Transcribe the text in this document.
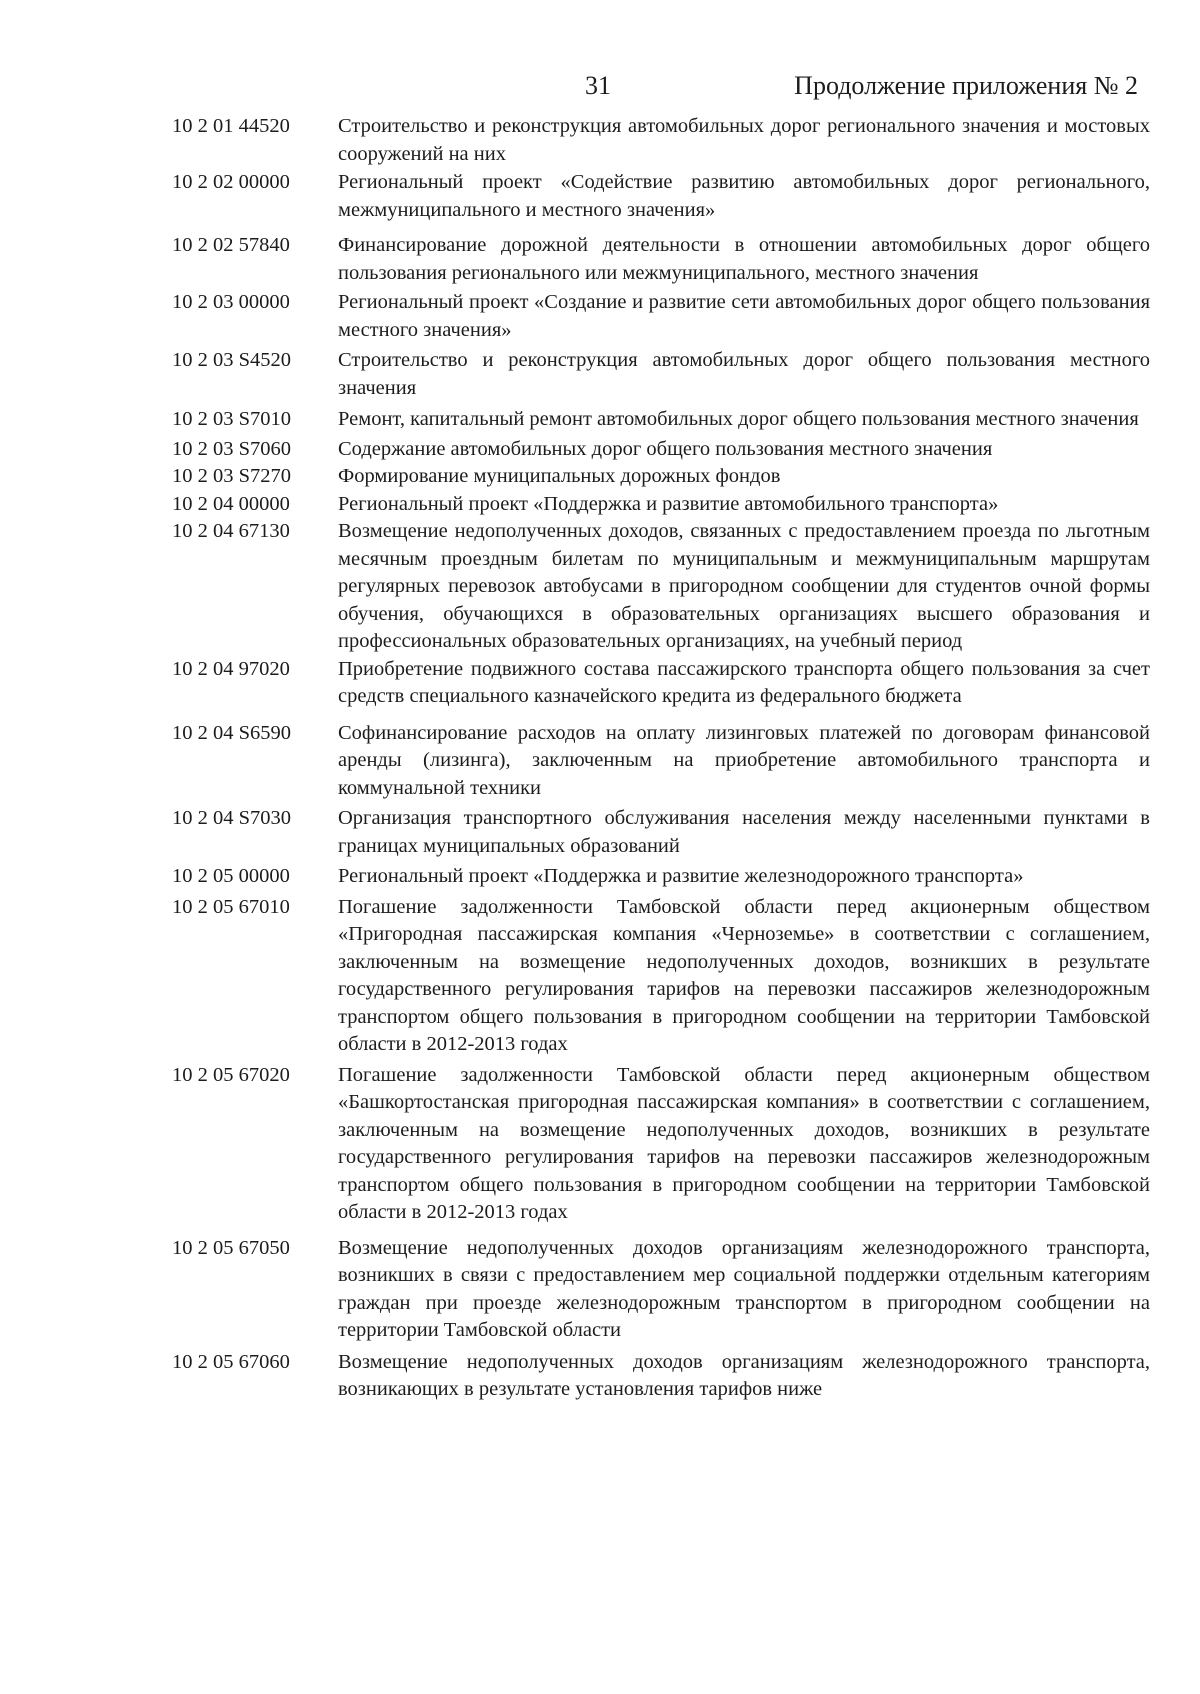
31	Продолжение приложения № 2
10 2 01 44520	Строительство и реконструкция автомобильных дорог регионального значения и мостовых сооружений на них
10 2 02 00000	Региональный проект «Содействие развитию автомобильных дорог регионального, межмуниципального и местного значения»
10 2 02 57840	Финансирование дорожной деятельности в отношении автомобильных дорог общего пользования регионального или межмуниципального, местного значения
10 2 03 00000	Региональный проект «Создание и развитие сети автомобильных дорог общего пользования местного значения»
10 2 03 S4520	Строительство и реконструкция автомобильных дорог общего пользования местного значения
10 2 03 S7010	Ремонт, капитальный ремонт автомобильных дорог общего пользования местного значения
10 2 03 S7060	Содержание автомобильных дорог общего пользования местного значения
10 2 03 S7270	Формирование муниципальных дорожных фондов
10 2 04 00000	Региональный проект «Поддержка и развитие автомобильного транспорта»
10 2 04 67130	Возмещение недополученных доходов, связанных с предоставлением проезда по льготным месячным проездным билетам по муниципальным и межмуниципальным маршрутам регулярных перевозок автобусами в пригородном сообщении для студентов очной формы обучения, обучающихся в образовательных организациях высшего образования и профессиональных образовательных организациях, на учебный период
10 2 04 97020	Приобретение подвижного состава пассажирского транспорта общего пользования за счет средств специального казначейского кредита из федерального бюджета
10 2 04 S6590	Софинансирование расходов на оплату лизинговых платежей по договорам финансовой аренды (лизинга), заключенным на приобретение автомобильного транспорта и коммунальной техники
10 2 04 S7030	Организация транспортного обслуживания населения между населенными пунктами в границах муниципальных образований
10 2 05 00000	Региональный проект «Поддержка и развитие железнодорожного транспорта»
10 2 05 67010	Погашение задолженности Тамбовской области перед акционерным обществом «Пригородная пассажирская компания «Черноземье» в соответствии с соглашением, заключенным на возмещение недополученных доходов, возникших в результате государственного регулирования тарифов на перевозки пассажиров железнодорожным транспортом общего пользования в пригородном сообщении на территории Тамбовской области в 2012-2013 годах
10 2 05 67020	Погашение задолженности Тамбовской области перед акционерным обществом «Башкортостанская пригородная пассажирская компания» в соответствии с соглашением, заключенным на возмещение недополученных доходов, возникших в результате государственного регулирования тарифов на перевозки пассажиров железнодорожным транспортом общего пользования в пригородном сообщении на территории Тамбовской области в 2012-2013 годах
10 2 05 67050	Возмещение недополученных доходов организациям железнодорожного транспорта, возникших в связи с предоставлением мер социальной поддержки отдельным категориям граждан при проезде железнодорожным транспортом в пригородном сообщении на территории Тамбовской области
10 2 05 67060	Возмещение недополученных доходов организациям железнодорожного транспорта, возникающих в результате установления тарифов ниже
